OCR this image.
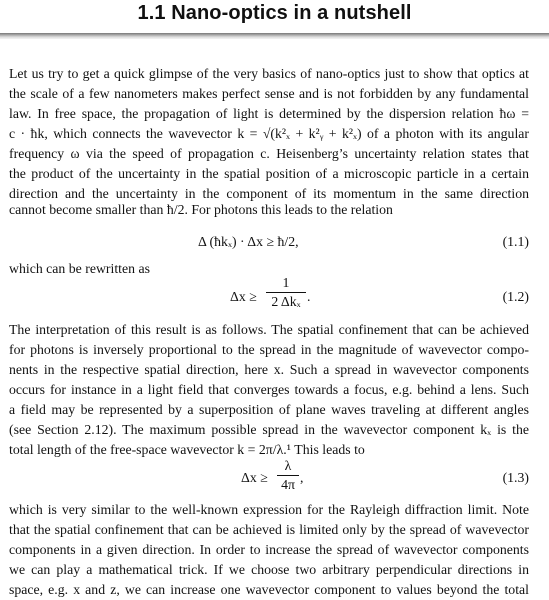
1.1 Nano-optics in a nutshell
Let us try to get a quick glimpse of the very basics of nano-optics just to show that optics at
the scale of a few nanometers makes perfect sense and is not forbidden by any fundamental
law. In free space, the propagation of light is determined by the dispersion relation ħω =
c · ħk, which connects the wavevector k = √(k²ₓ + k²ᵧ + k²ₓ) of a photon with its angular
frequency ω via the speed of propagation c. Heisenberg’s uncertainty relation states that
the product of the uncertainty in the spatial position of a microscopic particle in a certain
direction and the uncertainty in the component of its momentum in the same direction
cannot become smaller than ħ/2. For photons this leads to the relation
Δ (ħkₓ) · Δx ≥ ħ/2,	(1.1)
which can be rewritten as
Δx ≥
1
2 Δkₓ .	(1.2)
The interpretation of this result is as follows. The spatial confinement that can be achieved
for photons is inversely proportional to the spread in the magnitude of wavevector compo-
nents in the respective spatial direction, here x. Such a spread in wavevector components
occurs for instance in a light field that converges towards a focus, e.g. behind a lens. Such
a field may be represented by a superposition of plane waves traveling at different angles
(see Section 2.12). The maximum possible spread in the wavevector component kₓ is the
total length of the free-space wavevector k = 2π/λ.¹ This leads to
Δx ≥
λ
4π ,	(1.3)
which is very similar to the well-known expression for the Rayleigh diffraction limit. Note
that the spatial confinement that can be achieved is limited only by the spread of wavevector
components in a given direction. In order to increase the spread of wavevector components
we can play a mathematical trick. If we choose two arbitrary perpendicular directions in
space, e.g. x and z, we can increase one wavevector component to values beyond the total
